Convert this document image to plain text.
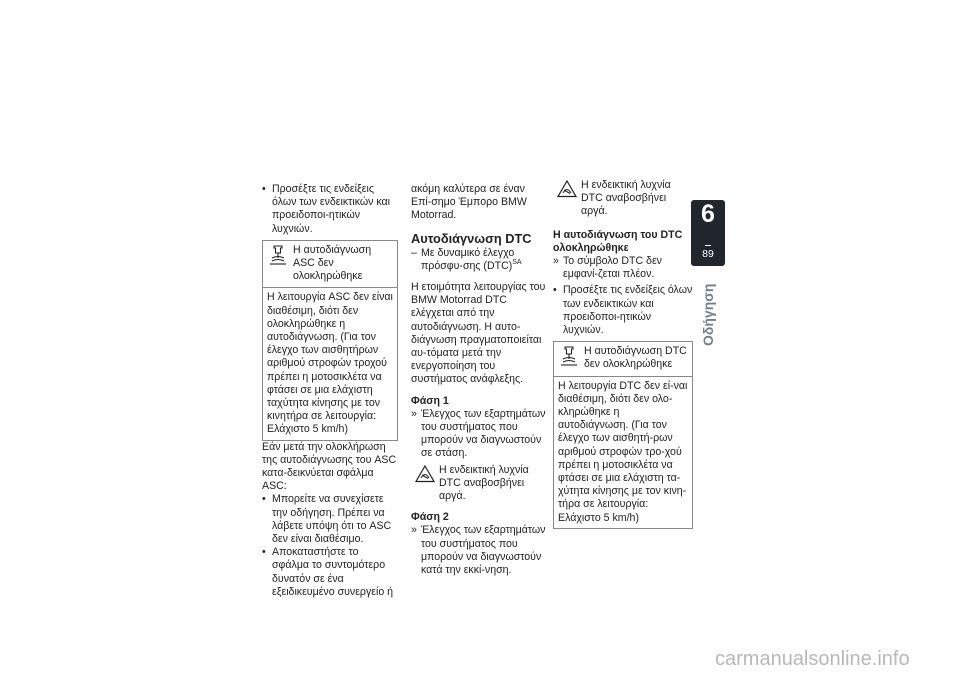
• Προσέξτε τις ενδείξεις όλων των ενδεικτικών και προειδοποι-ητικών λυχνιών.

Η αυτοδιάγνωση ASC δεν ολοκληρώθηκε
Η λειτουργία ASC δεν είναι διαθέσιμη, διότι δεν ολοκληρώθηκε η αυτοδιάγνωση. (Για τον έλεγχο των αισθητήρων αριθμού στροφών τροχού πρέπει η μοτοσικλέτα να φτάσει σε μια ελάχιστη ταχύτητα κίνησης με τον κινητήρα σε λειτουργία: Ελάχιστο 5 km/h)

Εάν μετά την ολοκλήρωση της αυτοδιάγνωσης του ASC κατα-δεικνύεται σφάλμα ASC:

• Μπορείτε να συνεχίσετε την οδήγηση. Πρέπει να λάβετε υπόψη ότι το ASC δεν είναι διαθέσιμο.

• Αποκαταστήστε το σφάλμα το συντομότερο δυνατόν σε ένα εξειδικευμένο συνεργείο ή

ακόμη καλύτερα σε έναν Επί-σημο Έμπορο BMW Motorrad.

Αυτοδιάγνωση DTC

– Με δυναμικό έλεγχο πρόσφυ-σης (DTC)$^{SA}$

Η ετοιμότητα λειτουργίας του BMW Motorrad DTC ελέγχεται από την αυτοδιάγνωση. Η αυτο-διάγνωση πραγματοποιείται αυ-τόματα μετά την ενεργοποίηση του συστήματος ανάφλεξης.

Φάση 1

» Έλεγχος των εξαρτημάτων του συστήματος που μπορούν να διαγνωστούν σε στάση.

Η ενδεικτική λυχνία DTC αναβοσβήνει αργά.

Φάση 2

» Έλεγχος των εξαρτημάτων του συστήματος που μπορούν να διαγνωστούν κατά την εκκί-νηση.

Η ενδεικτική λυχνία DTC αναβοσβήνει αργά.

Η αυτοδιάγνωση του DTC ολοκληρώθηκε

» Το σύμβολο DTC δεν εμφανί-ζεται πλέον.

• Προσέξτε τις ενδείξεις όλων των ενδεικτικών και προειδοποι-ητικών λυχνιών.

Η αυτοδιάγνωση DTC δεν ολοκληρώθηκε
Η λειτουργία DTC δεν εί-ναι διαθέσιμη, διότι δεν ολο-κληρώθηκε η αυτοδιάγνωση. (Για τον έλεγχο των αισθητή-ρων αριθμού στροφών τρο-χού πρέπει η μοτοσικλέτα να φτάσει σε μια ελάχιστη τα-χύτητα κίνησης με τον κινη-τήρα σε λειτουργία: Ελάχιστο 5 km/h)
6
89
Οδήγηση
carmanualsonline.info
